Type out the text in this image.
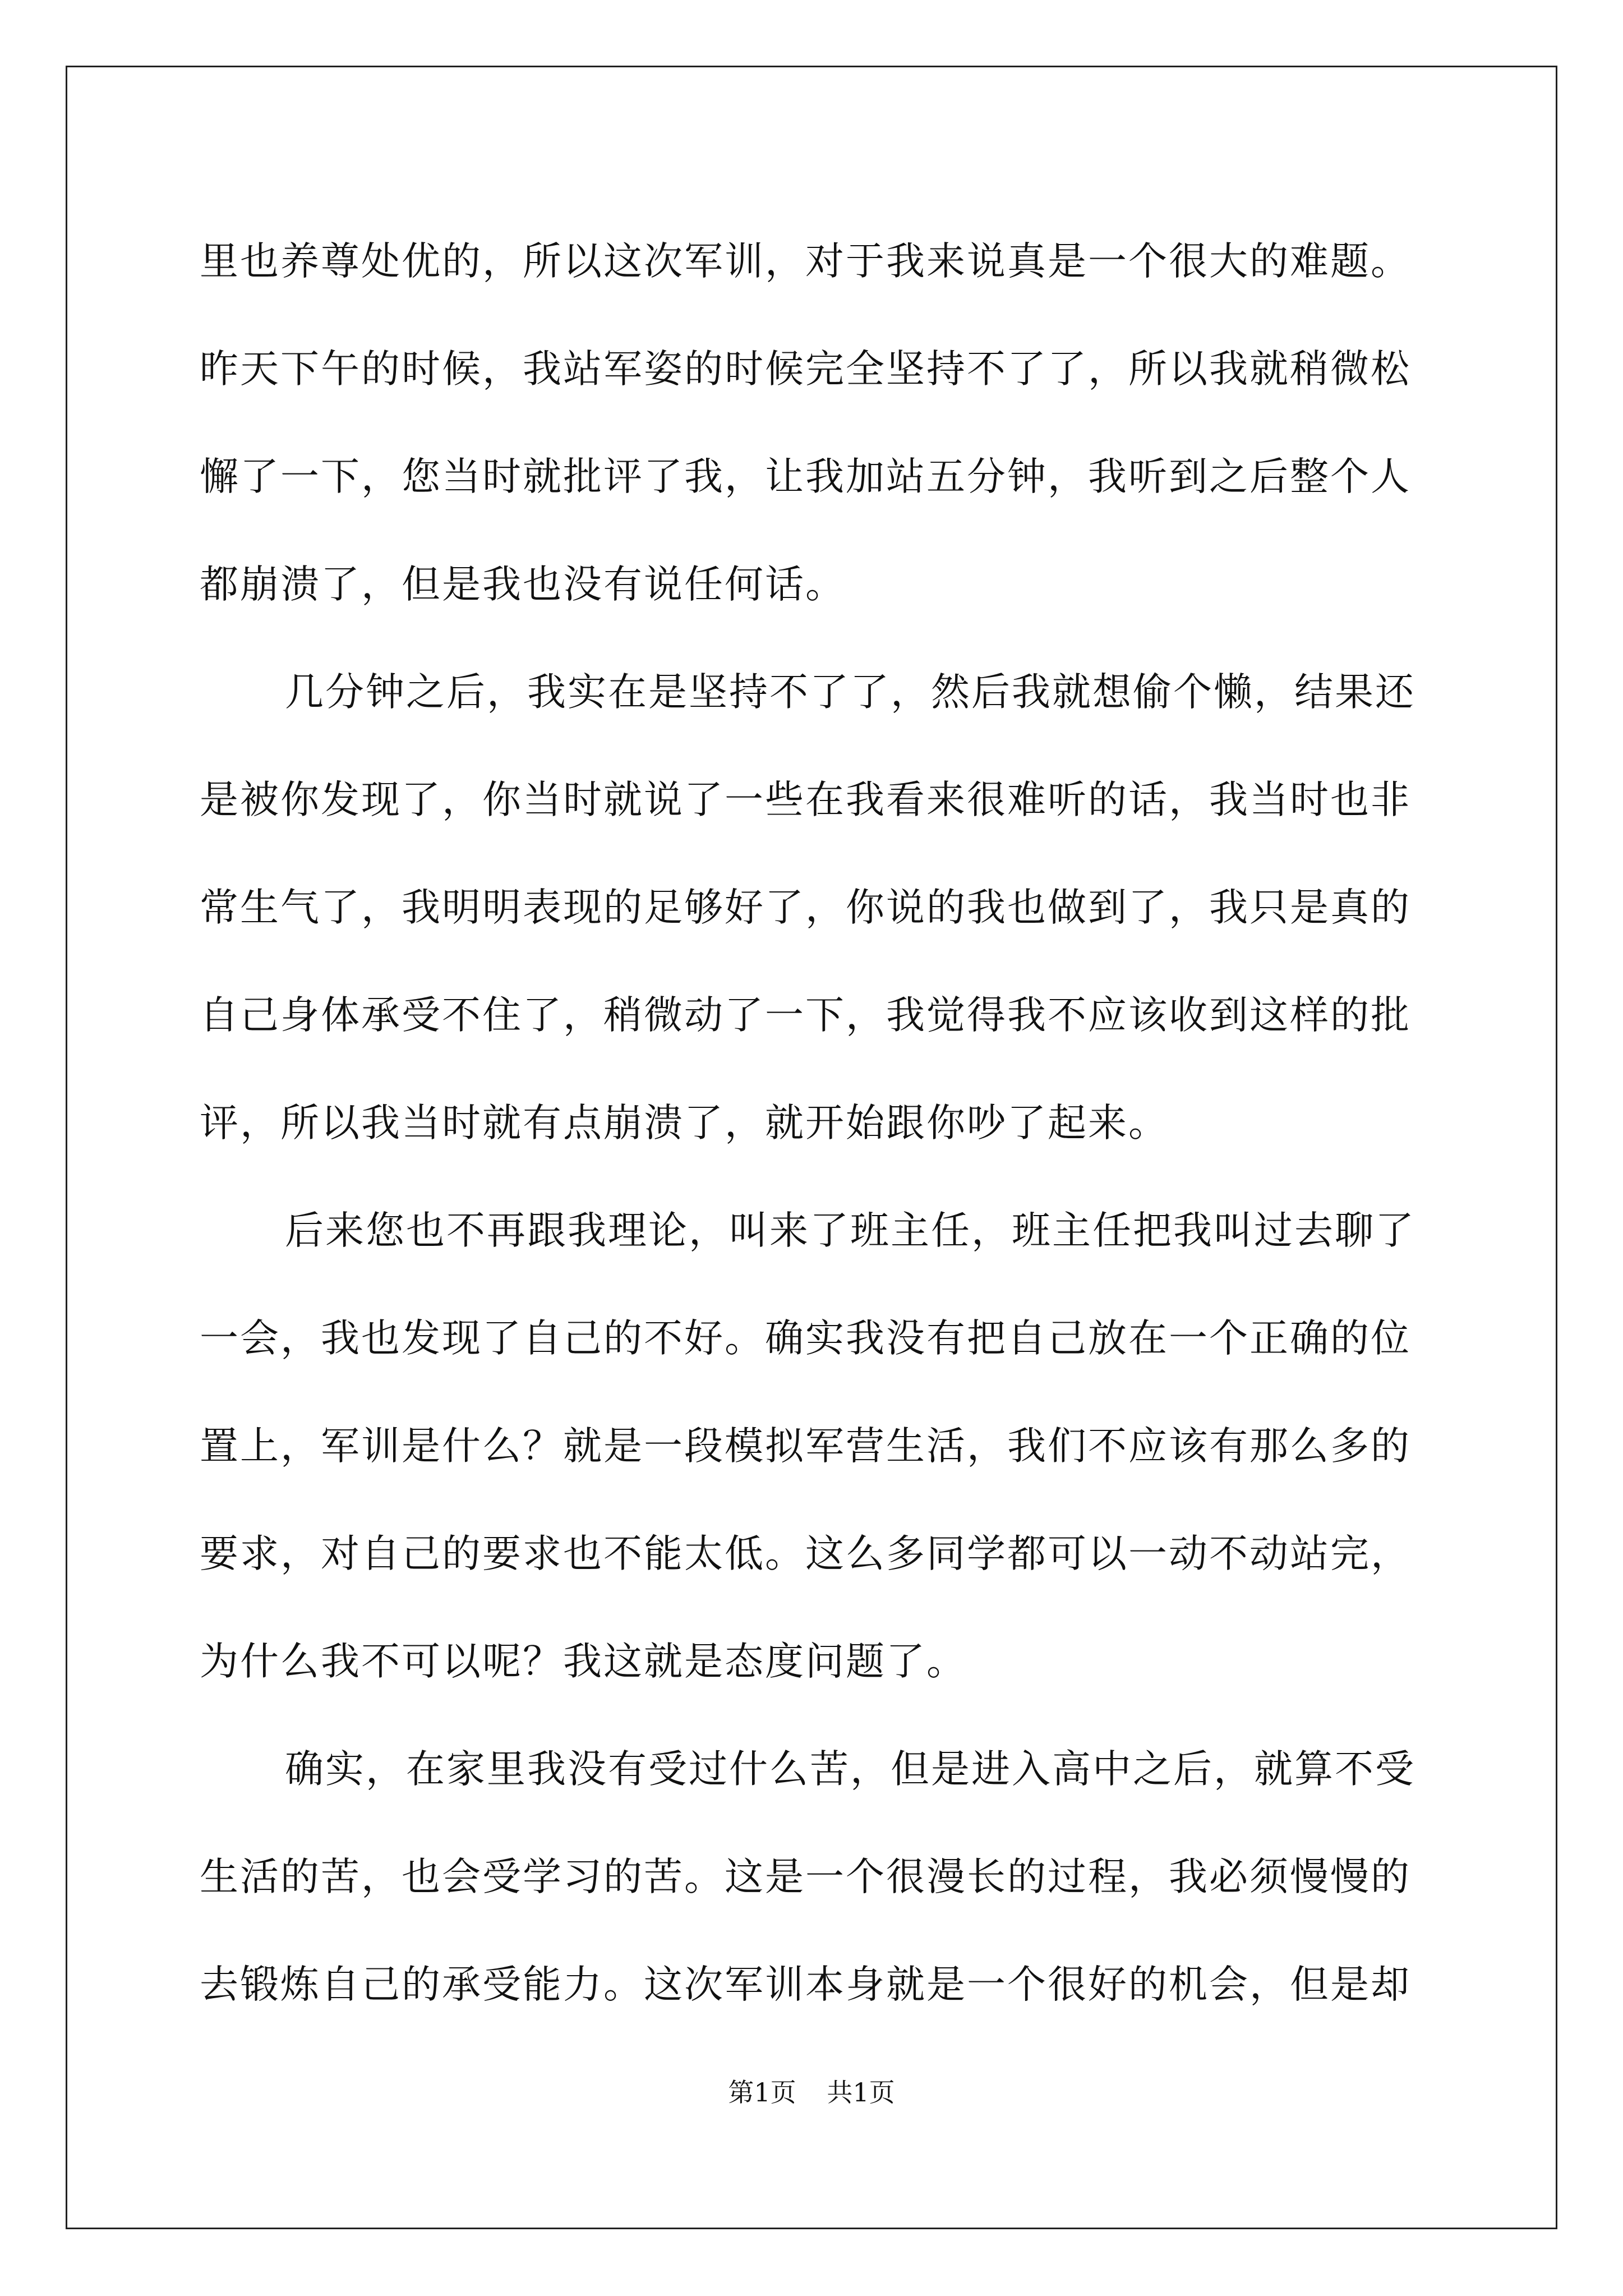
里也养尊处优的，所以这次军训，对于我来说真是一个很大的难题。
昨天下午的时候，我站军姿的时候完全坚持不了了，所以我就稍微松
懈了一下，您当时就批评了我，让我加站五分钟，我听到之后整个人
都崩溃了，但是我也没有说任何话。

几分钟之后，我实在是坚持不了了，然后我就想偷个懒，结果还
是被你发现了，你当时就说了一些在我看来很难听的话，我当时也非
常生气了，我明明表现的足够好了，你说的我也做到了，我只是真的
自己身体承受不住了，稍微动了一下，我觉得我不应该收到这样的批
评，所以我当时就有点崩溃了，就开始跟你吵了起来。

后来您也不再跟我理论，叫来了班主任，班主任把我叫过去聊了
一会，我也发现了自己的不好。确实我没有把自己放在一个正确的位
置上，军训是什么？就是一段模拟军营生活，我们不应该有那么多的
要求，对自己的要求也不能太低。这么多同学都可以一动不动站完，
为什么我不可以呢？我这就是态度问题了。

确实，在家里我没有受过什么苦，但是进入高中之后，就算不受
生活的苦，也会受学习的苦。这是一个很漫长的过程，我必须慢慢的
去锻炼自己的承受能力。这次军训本身就是一个很好的机会，但是却

第1页 共1页
